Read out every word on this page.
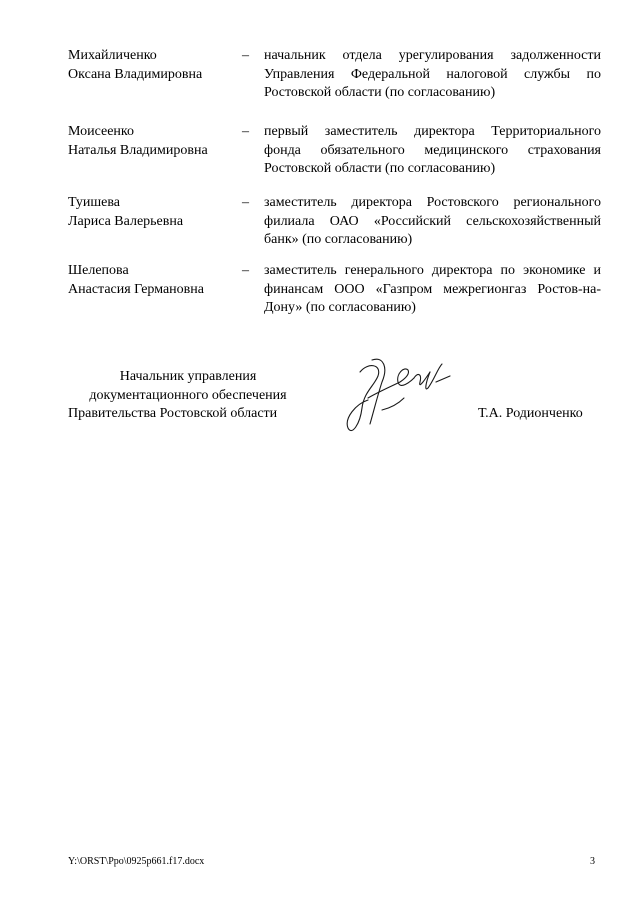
Михайличенко
Оксана Владимировна
– начальник отдела урегулирования задолженности Управления Федеральной налоговой службы по Ростовской области (по согласованию)
Моисеенко
Наталья Владимировна
– первый заместитель директора Территориального фонда обязательного медицинского страхования Ростовской области (по согласованию)
Туишева
Лариса Валерьевна
– заместитель директора Ростовского регионального филиала ОАО «Российский сельскохозяйственный банк» (по согласованию)
Шелепова
Анастасия Германовна
– заместитель генерального директора по экономике и финансам ООО «Газпром межрегионгаз Ростов-на-Дону» (по согласованию)
Начальник управления
документационного обеспечения
Правительства Ростовской области	Т.А. Родионченко
Y:\ORST\Ppo\0925p661.f17.docx	3
